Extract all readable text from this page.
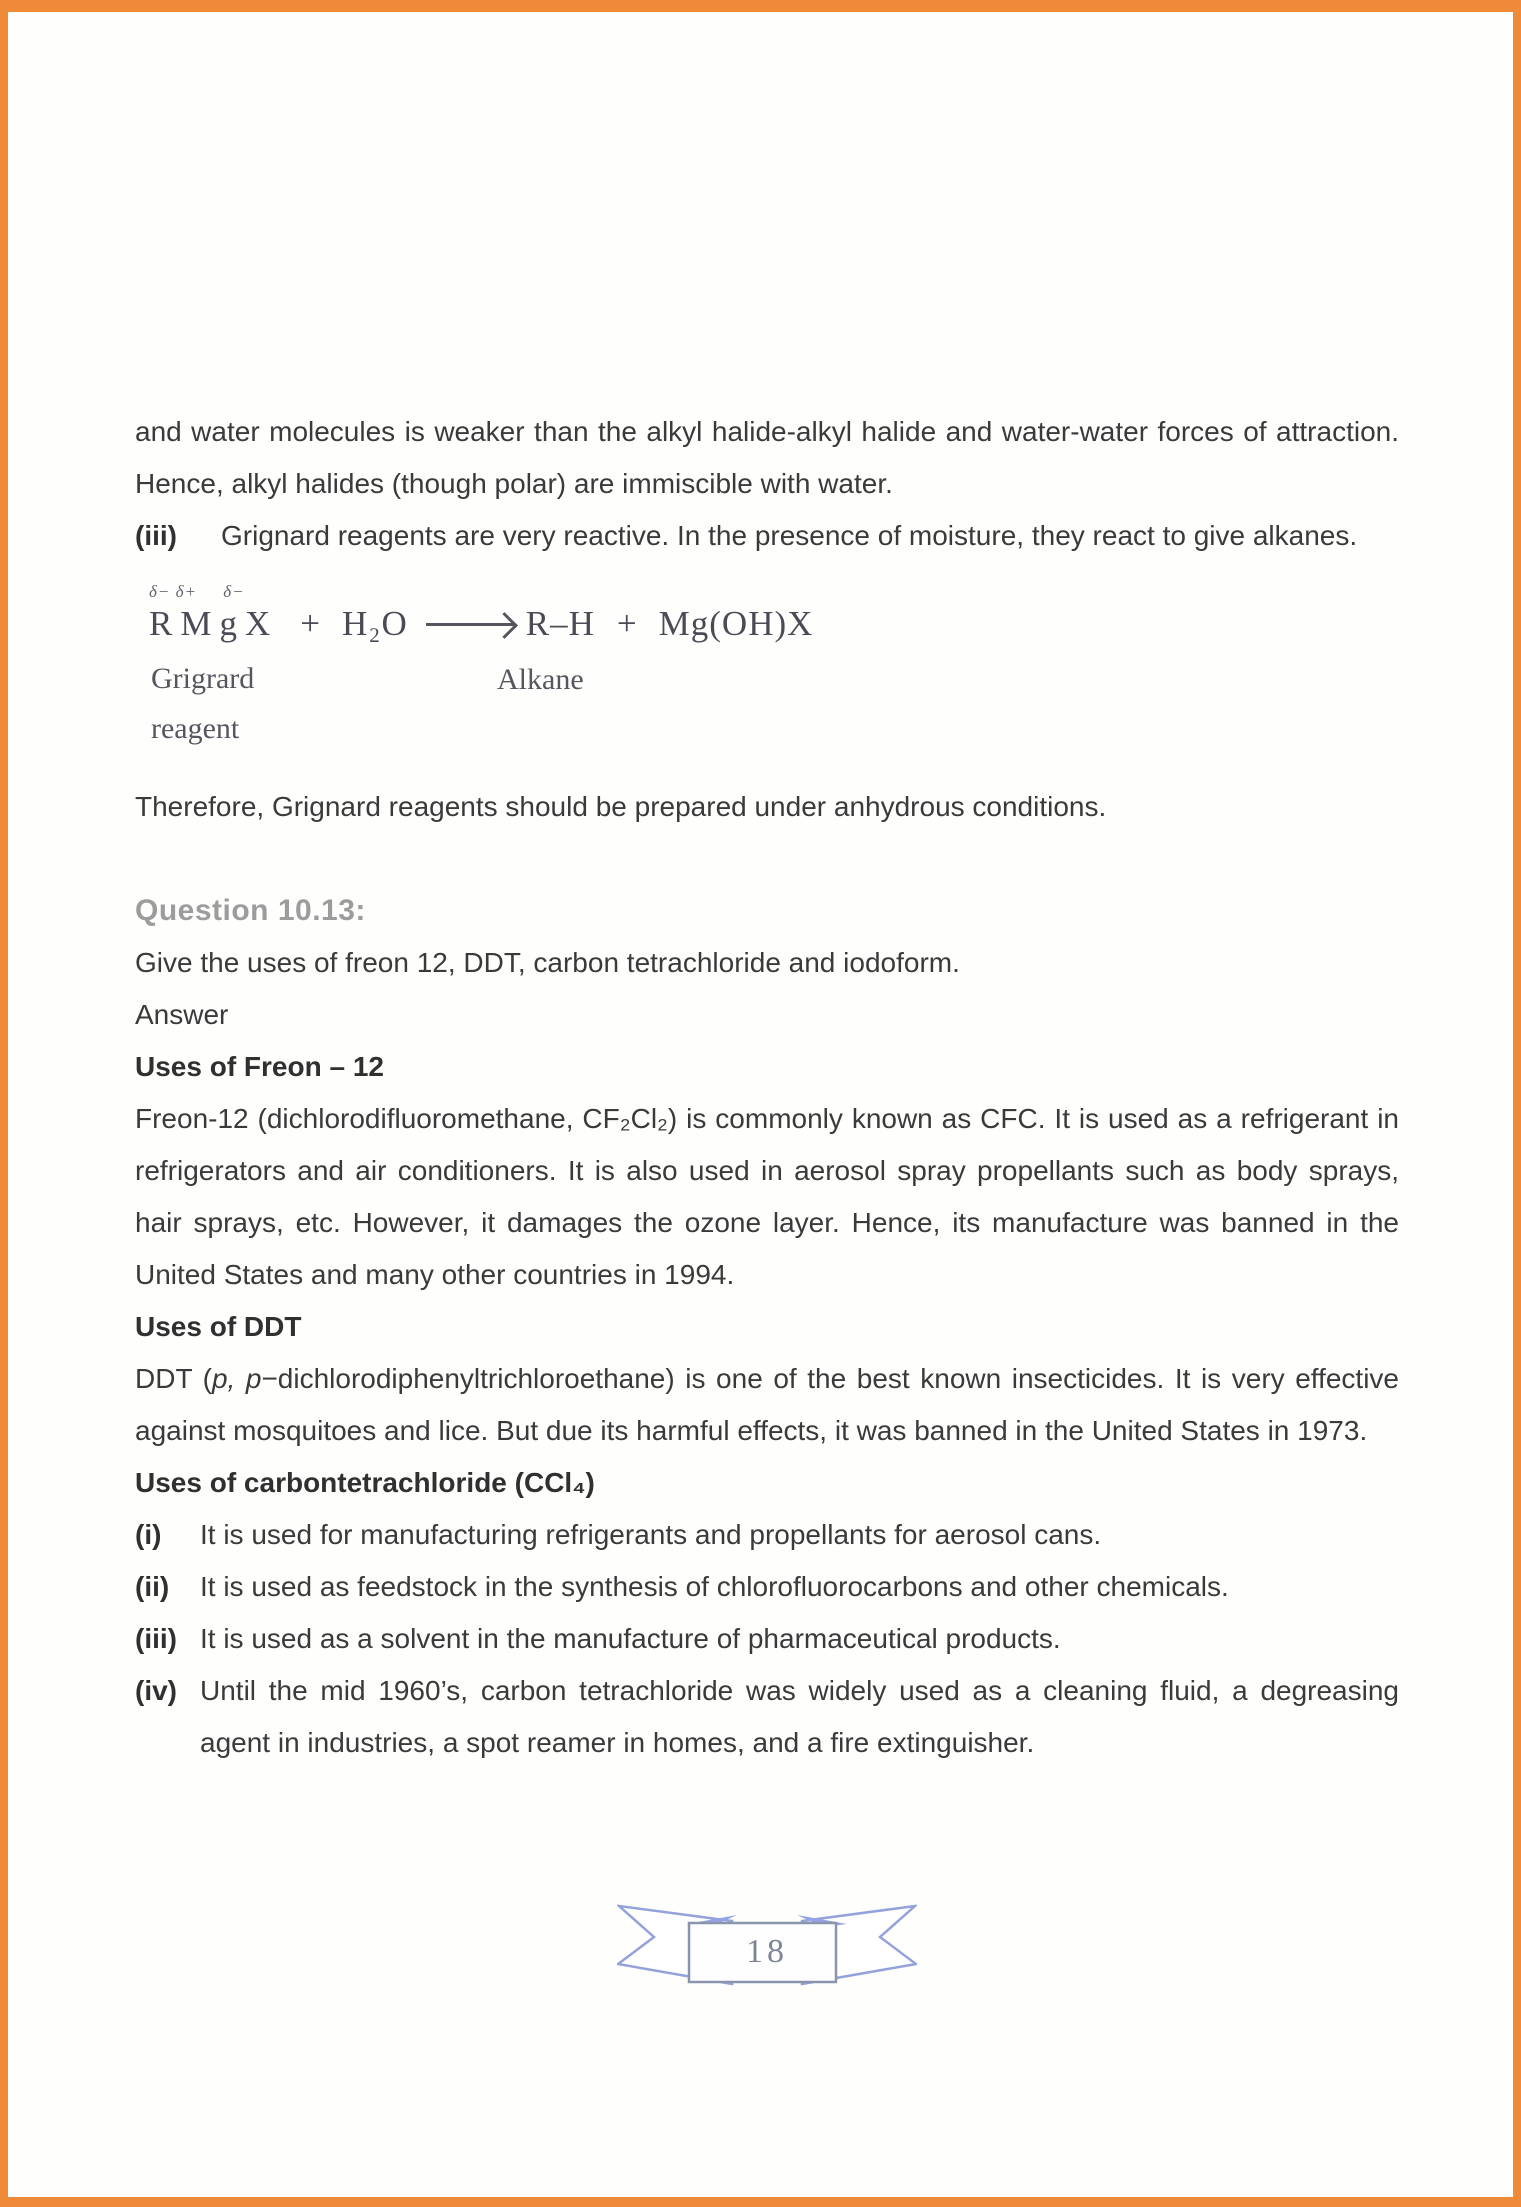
and water molecules is weaker than the alkyl halide-alkyl halide and water-water forces of attraction. Hence, alkyl halides (though polar) are immiscible with water.

(iii) Grignard reagents are very reactive. In the presence of moisture, they react to give alkanes.

δ− δ+     δ−
RMgX + H₂O	R–H + Mg(OH)X
Grigrard
reagent
Alkane

Therefore, Grignard reagents should be prepared under anhydrous conditions.

Question 10.13:

Give the uses of freon 12, DDT, carbon tetrachloride and iodoform.

Answer

Uses of Freon – 12

Freon-12 (dichlorodifluoromethane, CF₂Cl₂) is commonly known as CFC. It is used as a refrigerant in refrigerators and air conditioners. It is also used in aerosol spray propellants such as body sprays, hair sprays, etc. However, it damages the ozone layer. Hence, its manufacture was banned in the United States and many other countries in 1994.

Uses of DDT

DDT (p, p−dichlorodiphenyltrichloroethane) is one of the best known insecticides. It is very effective against mosquitoes and lice. But due its harmful effects, it was banned in the United States in 1973.

Uses of carbontetrachloride (CCl₄)

(i)	It is used for manufacturing refrigerants and propellants for aerosol cans.
(ii)	It is used as feedstock in the synthesis of chlorofluorocarbons and other chemicals.
(iii) It is used as a solvent in the manufacture of pharmaceutical products.
(iv) Until the mid 1960’s, carbon tetrachloride was widely used as a cleaning fluid, a degreasing agent in industries, a spot reamer in homes, and a fire extinguisher.
18
